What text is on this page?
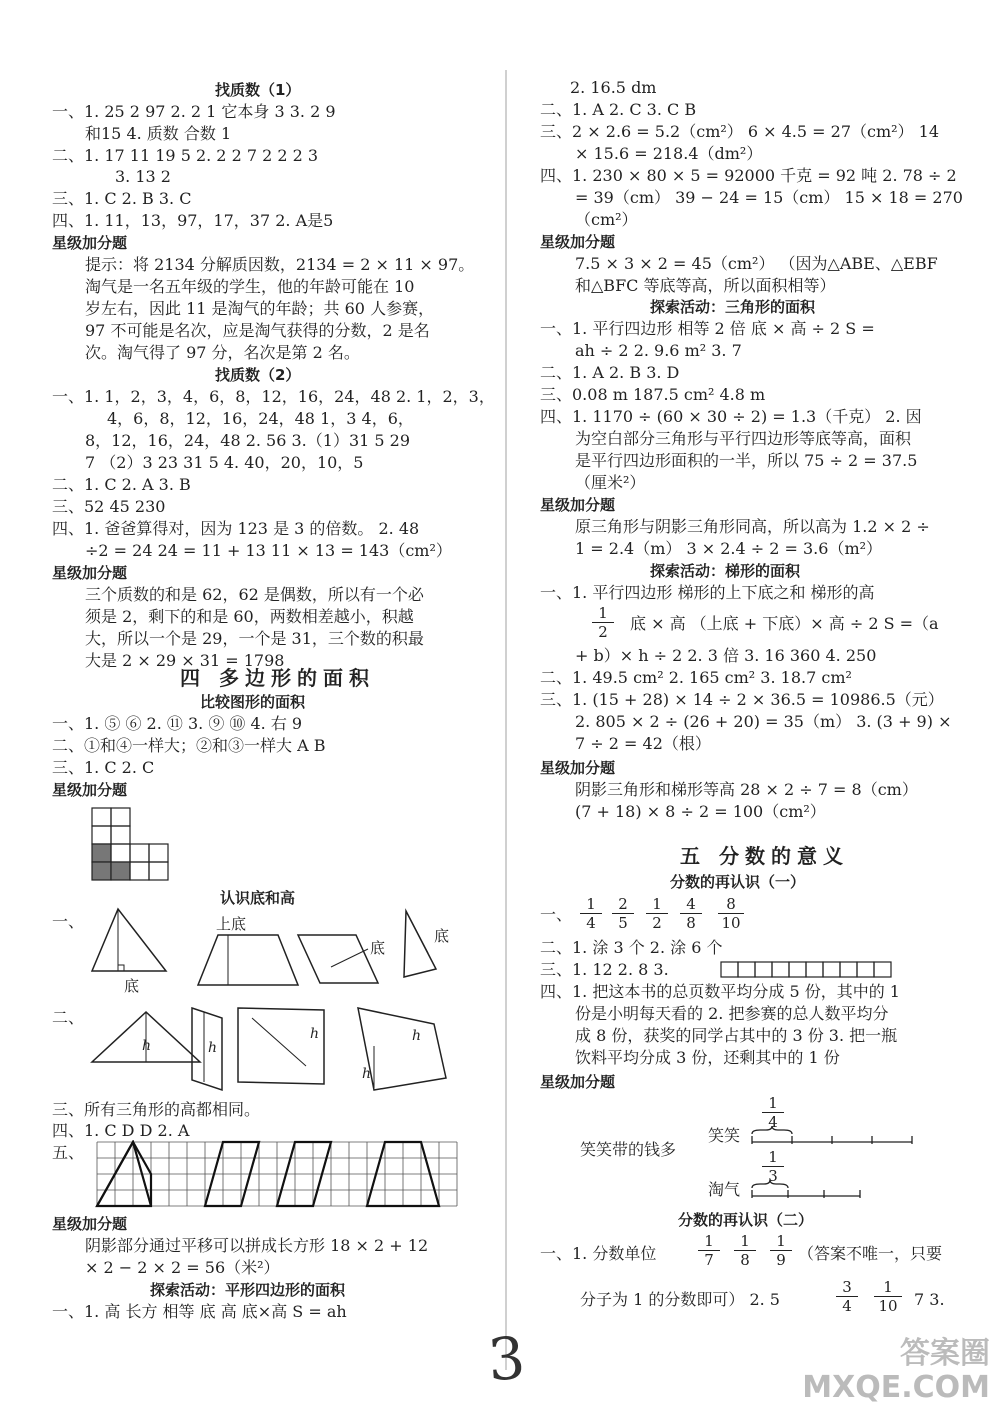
找质数（1）
一、1. 25 2 97 2. 2 1 它本身 3 3. 2 9
和15 4. 质数 合数 1
二、1. 17 11 19 5 2. 2 2 7 2 2 2 3
3. 13 2
三、1. C 2. B 3. C
四、1. 11，13，97，17，37 2. A是5
星级加分题
提示：将 2134 分解质因数，2134 = 2 × 11 × 97。
淘气是一名五年级的学生，他的年龄可能在 10
岁左右，因此 11 是淘气的年龄；共 60 人参赛，
97 不可能是名次，应是淘气获得的分数，2 是名
次。淘气得了 97 分，名次是第 2 名。
找质数（2）
一、1. 1，2，3，4，6，8，12，16，24，48 2. 1，2，3，
4，6，8，12，16，24，48 1，3 4，6，
8，12，16，24，48 2. 56 3.（1）31 5 29
7 （2）3 23 31 5 4. 40，20，10，5
二、1. C 2. A 3. B
三、52 45 230
四、1. 爸爸算得对，因为 123 是 3 的倍数。 2. 48
÷2 = 24 24 = 11 + 13 11 × 13 = 143（cm²）
星级加分题
三个质数的和是 62，62 是偶数，所以有一个必
须是 2，剩下的和是 60，两数相差越小，积越
大，所以一个是 29，一个是 31，三个数的积最
大是 2 × 29 × 31 = 1798
四 多边形的面积
比较图形的面积
一、1. ⑤ ⑥ 2. ⑪ 3. ⑨ ⑩ 4. 右 9
二、①和④一样大；②和③一样大 A B
三、1. C 2. C
星级加分题
认识底和高
一、
底
上底
底
底
二、
h	h
h	h
h
三、所有三角形的高都相同。
四、1. C D D 2. A
五、
星级加分题
阴影部分通过平移可以拼成长方形 18 × 2 + 12
× 2 − 2 × 2 = 56（米²）
探索活动：平形四边形的面积
一、1. 高 长方 相等 底 高 底×高 S = ah
2. 16.5 dm
二、1. A 2. C 3. C B
三、2 × 2.6 = 5.2（cm²） 6 × 4.5 = 27（cm²） 14
× 15.6 = 218.4（dm²）
四、1. 230 × 80 × 5 = 92000 千克 = 92 吨 2. 78 ÷ 2
= 39（cm） 39 − 24 = 15（cm） 15 × 18 = 270
（cm²）
星级加分题
7.5 × 3 × 2 = 45（cm²） （因为△ABE、△EBF
和△BFC 等底等高，所以面积相等）
探索活动：三角形的面积
一、1. 平行四边形 相等 2 倍 底 × 高 ÷ 2 S =
ah ÷ 2 2. 9.6 m² 3. 7
二、1. A 2. B 3. D
三、0.08 m 187.5 cm² 4.8 m
四、1. 1170 ÷ (60 × 30 ÷ 2) = 1.3（千克） 2. 因
为空白部分三角形与平行四边形等底等高，面积
是平行四边形面积的一半，所以 75 ÷ 2 = 37.5
（厘米²）
星级加分题
原三角形与阴影三角形同高，所以高为 1.2 × 2 ÷
1 = 2.4（m） 3 × 2.4 ÷ 2 = 3.6（m²）
探索活动：梯形的面积
一、1. 平行四边形 梯形的上下底之和 梯形的高
$\frac{1}{2}$ 底 × 高 （上底 + 下底）× 高 ÷ 2 S =（a
+ b）× h ÷ 2 2. 3 倍 3. 16 360 4. 250
二、1. 49.5 cm² 2. 165 cm² 3. 18.7 cm²
三、1. (15 + 28) × 14 ÷ 2 × 36.5 = 10986.5（元）
2. 805 × 2 ÷ (26 + 20) = 35（m） 3. (3 + 9) ×
7 ÷ 2 = 42（根）
星级加分题
阴影三角形和梯形等高 28 × 2 ÷ 7 = 8（cm）
(7 + 18) × 8 ÷ 2 = 100（cm²）
五 分数的意义
分数的再认识（一）
一、 $\frac{1}{4} \frac{2}{5} \frac{1}{2} \frac{4}{8} \frac{8}{10}$
二、1. 涂 3 个 2. 涂 6 个
三、1. 12 2. 8 3.
四、1. 把这本书的总页数平均分成 5 份，其中的 1
份是小明每天看的 2. 把参赛的总人数平均分
成 8 份，获奖的同学占其中的 3 份 3. 把一瓶
饮料平均分成 3 份，还剩其中的 1 份
星级加分题
笑笑带的钱多
笑笑
$\frac{1}{4}$
淘气
$\frac{1}{3}$
分数的再认识（二）
一、1. 分数单位	$\frac{1}{7} \frac{1}{8} \frac{1}{9}$ （答案不唯一，只要
分子为 1 的分数即可） 2. 5	$\frac{3}{4} \frac{1}{10} 7$ 3.
3	答案圈 MXQE.COM
